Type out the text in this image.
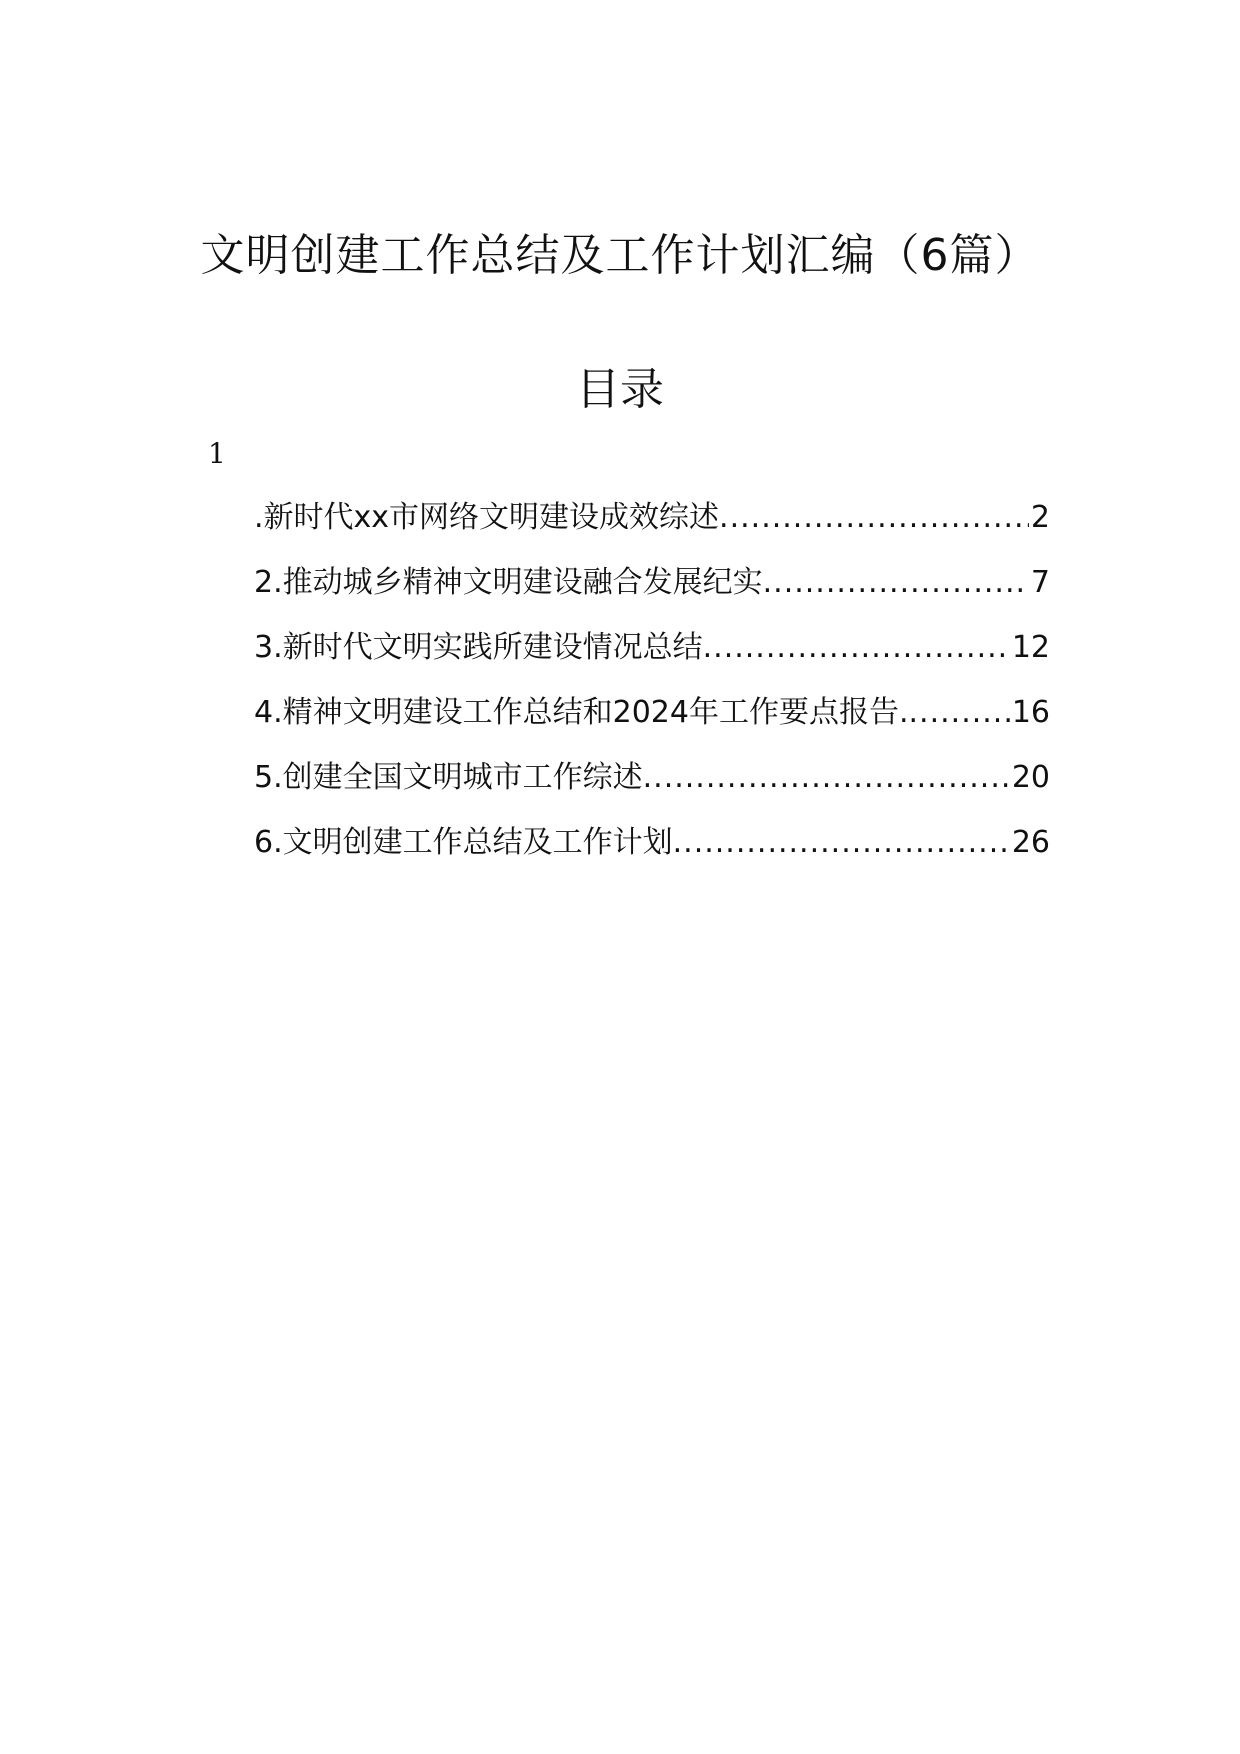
文明创建工作总结及工作计划汇编（6篇）
目录
1
.新时代xx市网络文明建设成效综述 .....	2
2.推动城乡精神文明建设融合发展纪实 .....	7
3.新时代文明实践所建设情况总结 .....	12
4.精神文明建设工作总结和2024年工作要点报告. .....	16
5.创建全国文明城市工作综述 .....	20
6.文明创建工作总结及工作计划 .....	26
